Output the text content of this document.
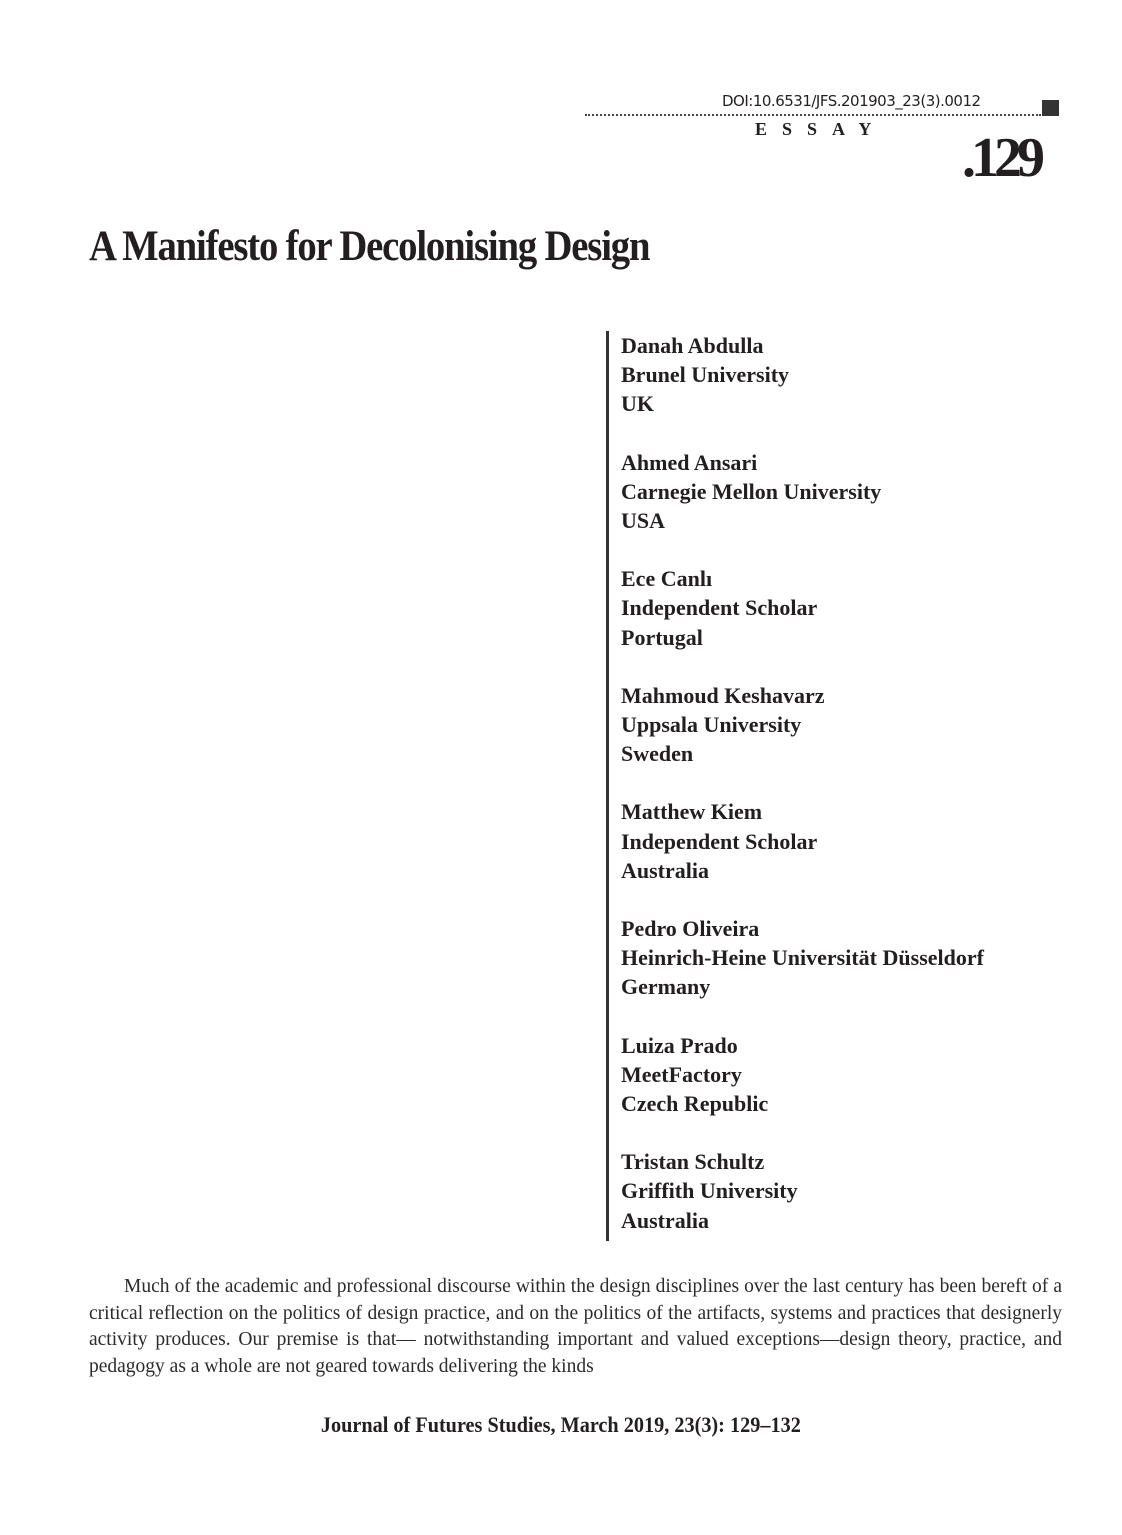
DOI:10.6531/JFS.201903_23(3).0012
ESSAY .129
A Manifesto for Decolonising Design
Danah Abdulla
Brunel University
UK
Ahmed Ansari
Carnegie Mellon University
USA
Ece Canlı
Independent Scholar
Portugal
Mahmoud Keshavarz
Uppsala University
Sweden
Matthew Kiem
Independent Scholar
Australia
Pedro Oliveira
Heinrich-Heine Universität Düsseldorf
Germany
Luiza Prado
MeetFactory
Czech Republic
Tristan Schultz
Griffith University
Australia

Much of the academic and professional discourse within the design disciplines over the last century has been bereft of a critical reflection on the politics of design practice, and on the politics of the artifacts, systems and practices that designerly activity produces. Our premise is that— notwithstanding important and valued exceptions—design theory, practice, and pedagogy as a whole are not geared towards delivering the kinds

Journal of Futures Studies, March 2019, 23(3): 129–132
